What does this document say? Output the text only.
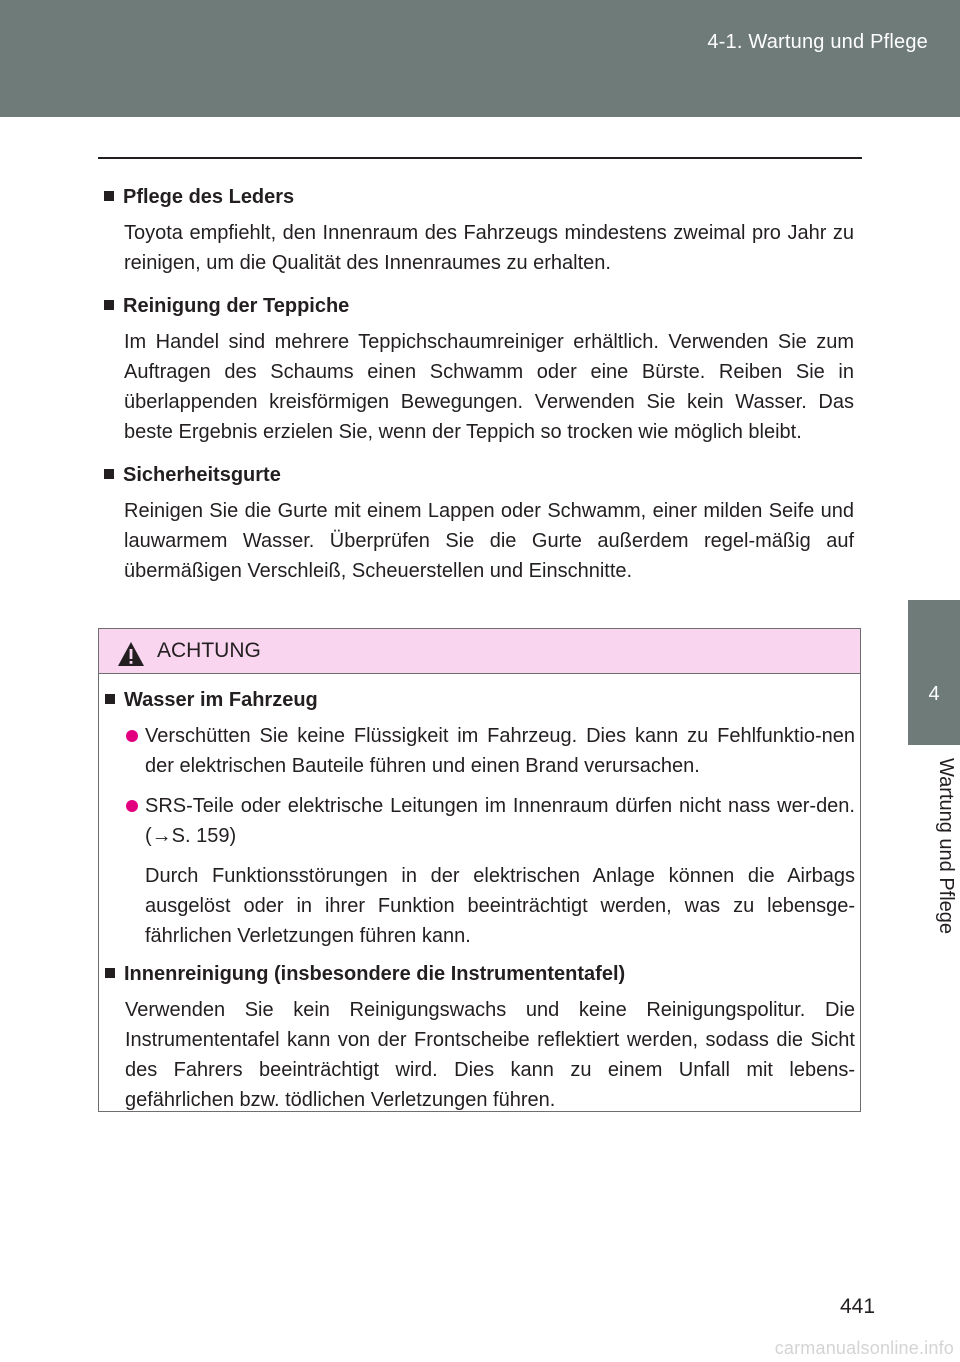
4-1. Wartung und Pflege
4
Wartung und Pflege
Pflege des Leders
Toyota empfiehlt, den Innenraum des Fahrzeugs mindestens zweimal pro Jahr zu reinigen, um die Qualität des Innenraumes zu erhalten.
Reinigung der Teppiche
Im Handel sind mehrere Teppichschaumreiniger erhältlich. Verwenden Sie zum Auftragen des Schaums einen Schwamm oder eine Bürste. Reiben Sie in überlappenden kreisförmigen Bewegungen. Verwenden Sie kein Wasser. Das beste Ergebnis erzielen Sie, wenn der Teppich so trocken wie möglich bleibt.
Sicherheitsgurte
Reinigen Sie die Gurte mit einem Lappen oder Schwamm, einer milden Seife und lauwarmem Wasser. Überprüfen Sie die Gurte außerdem regel-mäßig auf übermäßigen Verschleiß, Scheuerstellen und Einschnitte.
ACHTUNG
Wasser im Fahrzeug
Verschütten Sie keine Flüssigkeit im Fahrzeug. Dies kann zu Fehlfunktio-nen der elektrischen Bauteile führen und einen Brand verursachen.
SRS-Teile oder elektrische Leitungen im Innenraum dürfen nicht nass wer-den. (→S. 159)
Durch Funktionsstörungen in der elektrischen Anlage können die Airbags ausgelöst oder in ihrer Funktion beeinträchtigt werden, was zu lebensge-fährlichen Verletzungen führen kann.
Innenreinigung (insbesondere die Instrumententafel)
Verwenden Sie kein Reinigungswachs und keine Reinigungspolitur. Die Instrumententafel kann von der Frontscheibe reflektiert werden, sodass die Sicht des Fahrers beeinträchtigt wird. Dies kann zu einem Unfall mit lebens-gefährlichen bzw. tödlichen Verletzungen führen.
441
carmanualsonline.info
